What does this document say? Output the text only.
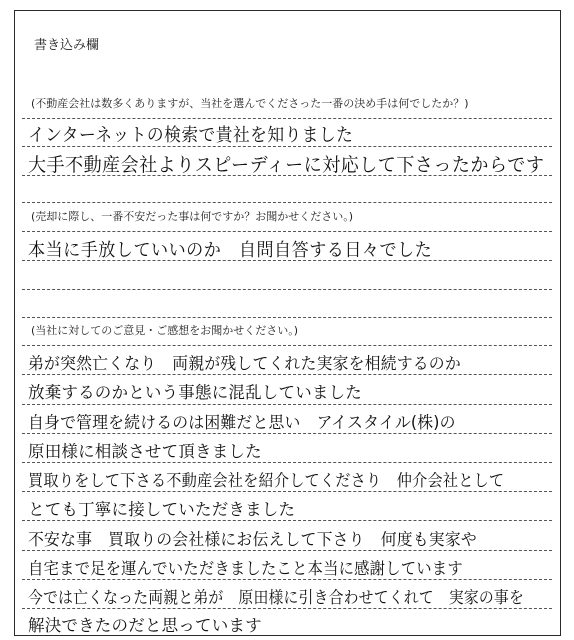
書き込み欄
(不動産会社は数多くありますが、当社を選んでくださった一番の決め手は何でしたか？)
インターネットの検索で貴社を知りました
大手不動産会社よりスピーディーに対応して下さったからです
(売却に際し、一番不安だった事は何ですか？お聞かせください。)
本当に手放していいのか　自問自答する日々でした
(当社に対してのご意見・ご感想をお聞かせください。)
弟が突然亡くなり　両親が残してくれた実家を相続するのか
放棄するのかという事態に混乱していました
自身で管理を続けるのは困難だと思い　アイスタイル(株)の
原田様に相談させて頂きました
買取りをして下さる不動産会社を紹介してくださり　仲介会社として
とても丁寧に接していただきました
不安な事　買取りの会社様にお伝えして下さり　何度も実家や
自宅まで足を運んでいただきましたこと本当に感謝しています
今では亡くなった両親と弟が　原田様に引き合わせてくれて　実家の事を
解決できたのだと思っています
